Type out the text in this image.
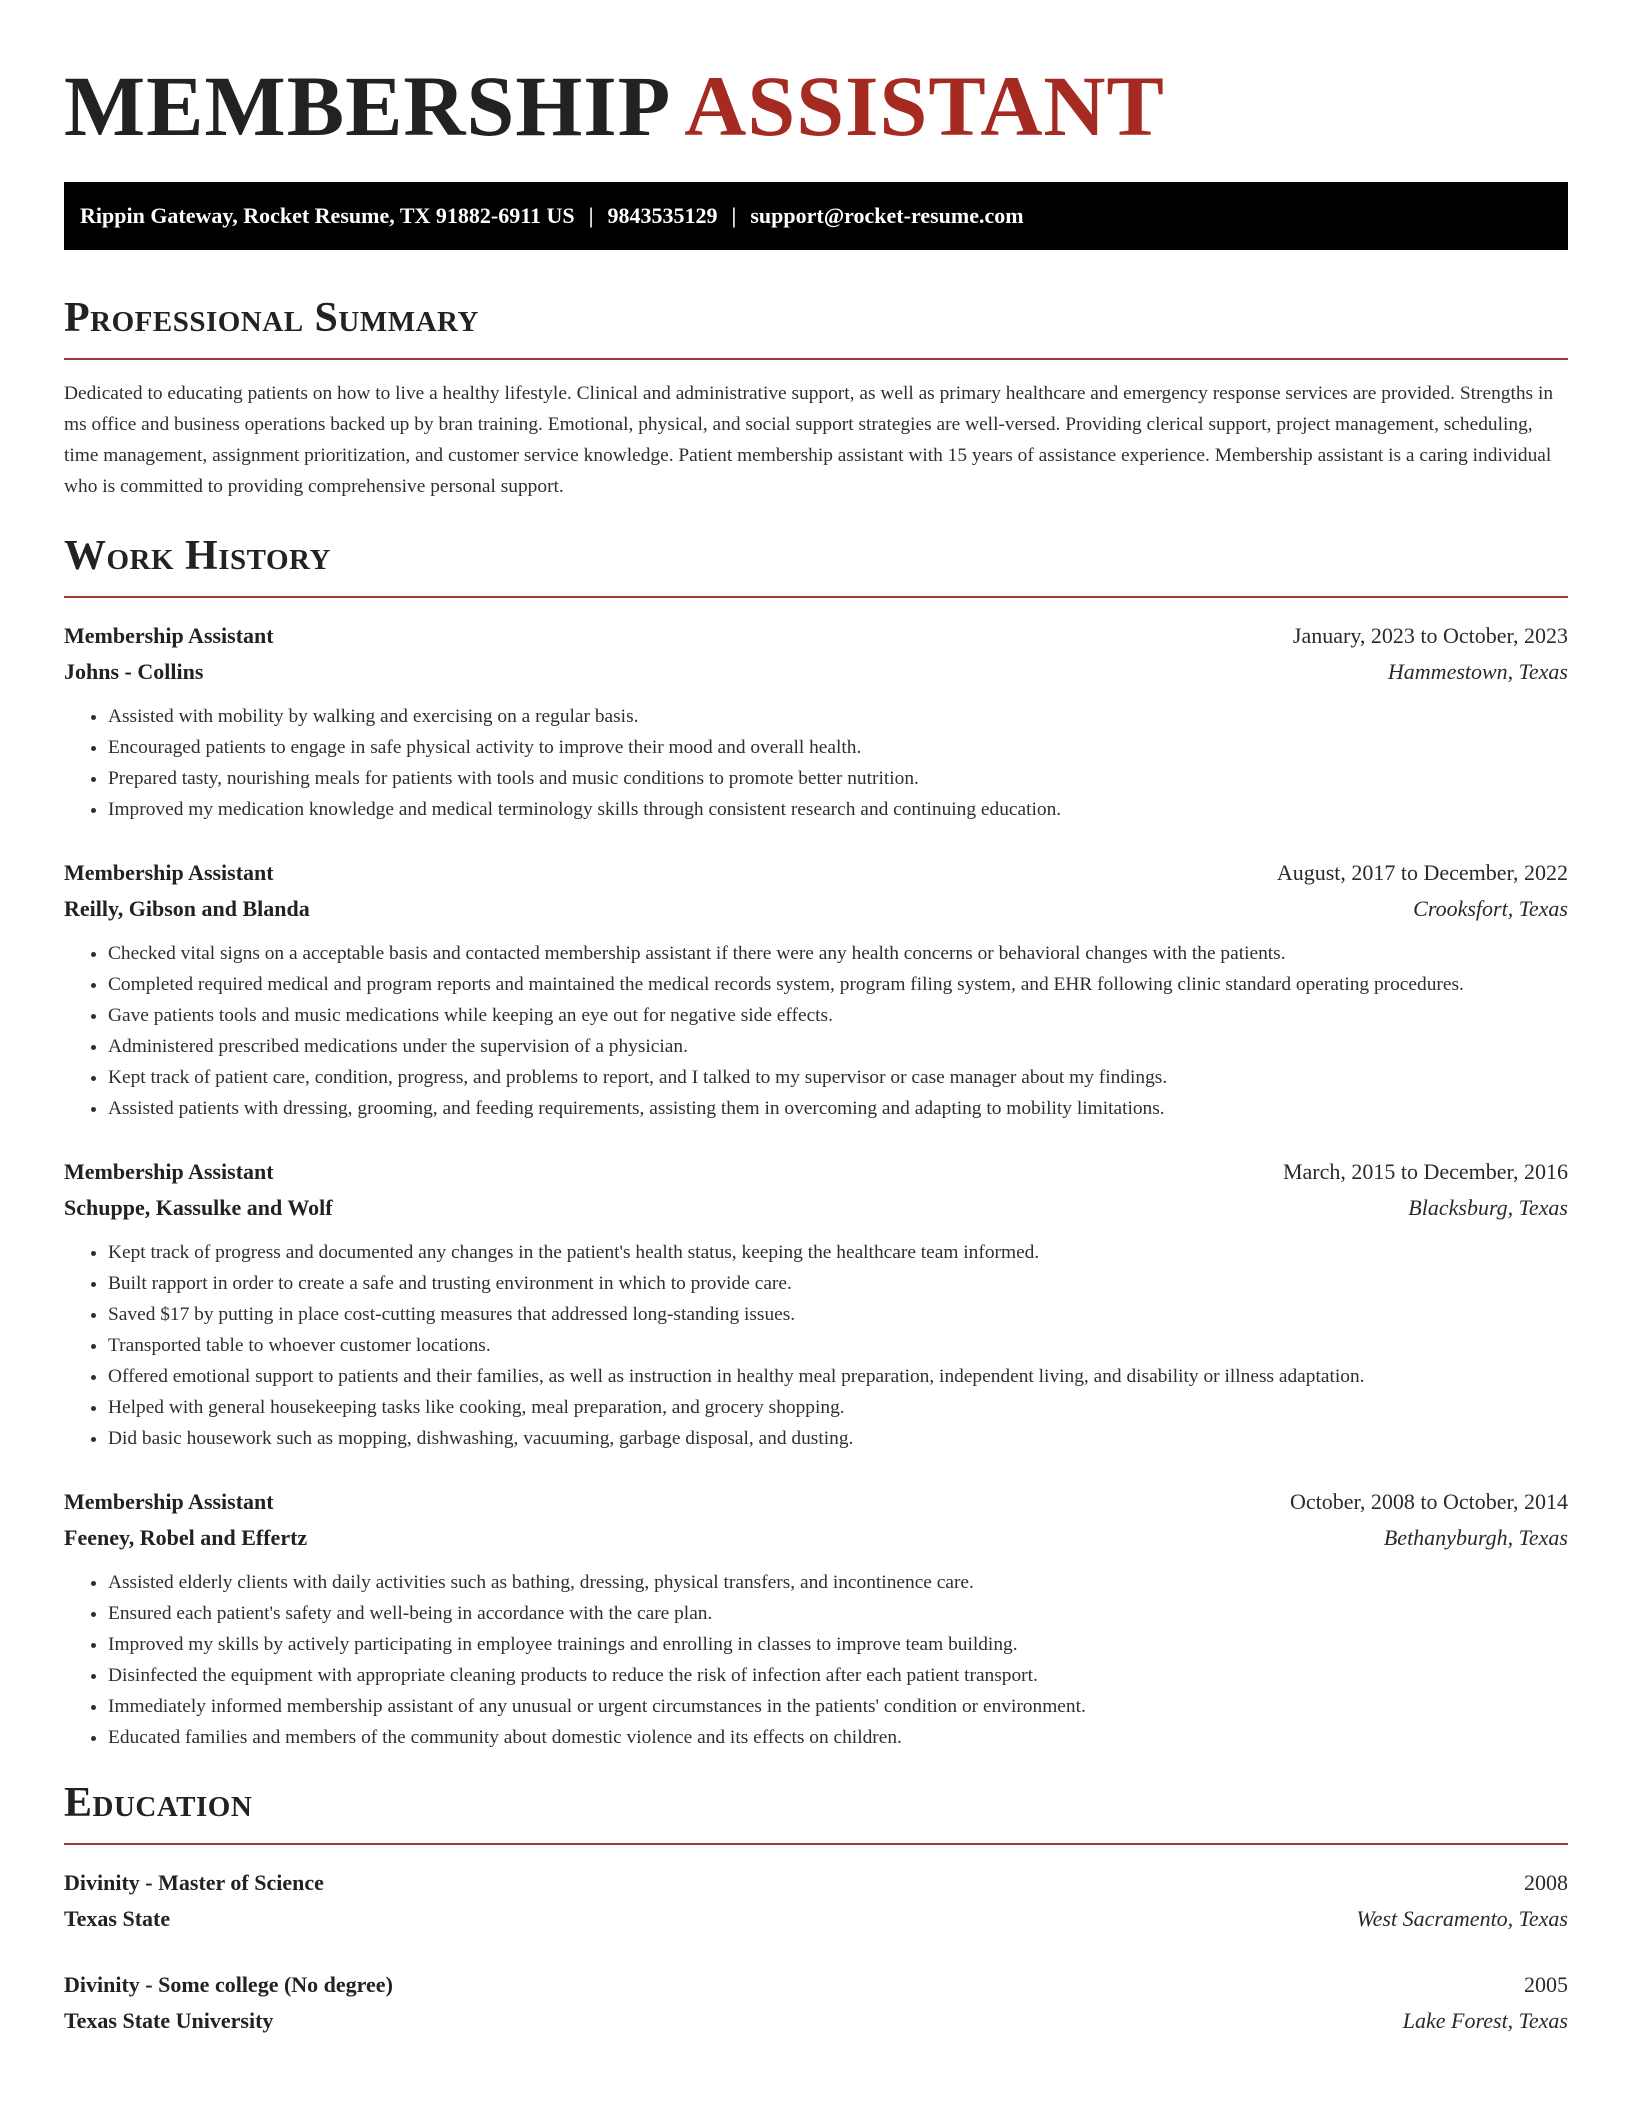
MEMBERSHIP ASSISTANT
Rippin Gateway, Rocket Resume, TX 91882-6911 US | 9843535129 | support@rocket-resume.com
Professional Summary

Dedicated to educating patients on how to live a healthy lifestyle. Clinical and administrative support, as well as primary healthcare and emergency response services are provided. Strengths in ms office and business operations backed up by bran training. Emotional, physical, and social support strategies are well-versed. Providing clerical support, project management, scheduling, time management, assignment prioritization, and customer service knowledge. Patient membership assistant with 15 years of assistance experience. Membership assistant is a caring individual who is committed to providing comprehensive personal support.

Work History
Membership Assistant	January, 2023 to October, 2023
Johns - Collins	Hammestown, Texas
• Assisted with mobility by walking and exercising on a regular basis.
• Encouraged patients to engage in safe physical activity to improve their mood and overall health.
• Prepared tasty, nourishing meals for patients with tools and music conditions to promote better nutrition.
• Improved my medication knowledge and medical terminology skills through consistent research and continuing education.
Membership Assistant	August, 2017 to December, 2022
Reilly, Gibson and Blanda	Crooksfort, Texas
• Checked vital signs on a acceptable basis and contacted membership assistant if there were any health concerns or behavioral changes with the patients.
• Completed required medical and program reports and maintained the medical records system, program filing system, and EHR following clinic standard operating procedures.
• Gave patients tools and music medications while keeping an eye out for negative side effects.
• Administered prescribed medications under the supervision of a physician.
• Kept track of patient care, condition, progress, and problems to report, and I talked to my supervisor or case manager about my findings.
• Assisted patients with dressing, grooming, and feeding requirements, assisting them in overcoming and adapting to mobility limitations.
Membership Assistant	March, 2015 to December, 2016
Schuppe, Kassulke and Wolf	Blacksburg, Texas
• Kept track of progress and documented any changes in the patient's health status, keeping the healthcare team informed.
• Built rapport in order to create a safe and trusting environment in which to provide care.
• Saved $17 by putting in place cost-cutting measures that addressed long-standing issues.
• Transported table to whoever customer locations.
• Offered emotional support to patients and their families, as well as instruction in healthy meal preparation, independent living, and disability or illness adaptation.
• Helped with general housekeeping tasks like cooking, meal preparation, and grocery shopping.
• Did basic housework such as mopping, dishwashing, vacuuming, garbage disposal, and dusting.
Membership Assistant	October, 2008 to October, 2014
Feeney, Robel and Effertz	Bethanyburgh, Texas
• Assisted elderly clients with daily activities such as bathing, dressing, physical transfers, and incontinence care.
• Ensured each patient's safety and well-being in accordance with the care plan.
• Improved my skills by actively participating in employee trainings and enrolling in classes to improve team building.
• Disinfected the equipment with appropriate cleaning products to reduce the risk of infection after each patient transport.
• Immediately informed membership assistant of any unusual or urgent circumstances in the patients' condition or environment.
• Educated families and members of the community about domestic violence and its effects on children.
Education
Divinity - Master of Science	2008
Texas State	West Sacramento, Texas
Divinity - Some college (No degree)	2005
Texas State University	Lake Forest, Texas
